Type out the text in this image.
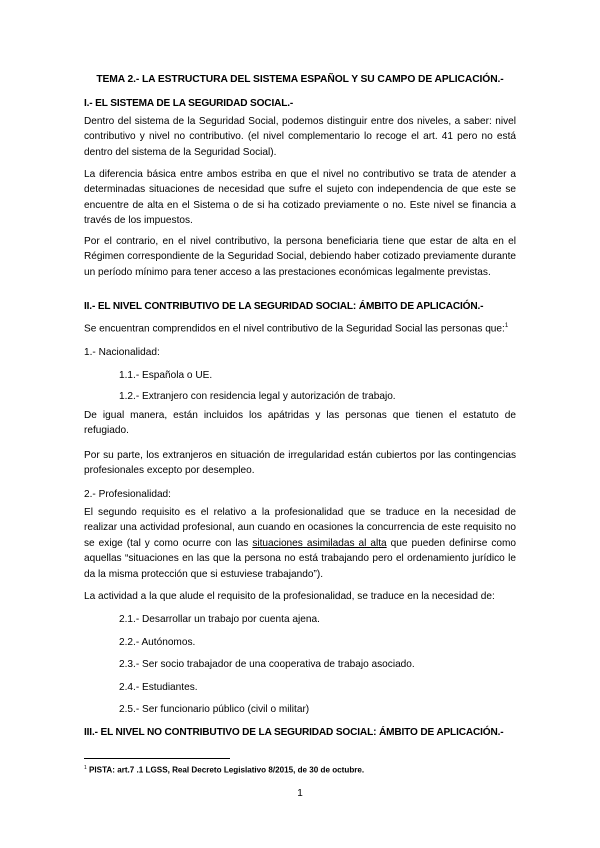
TEMA 2.- LA ESTRUCTURA DEL SISTEMA ESPAÑOL Y SU CAMPO DE APLICACIÓN.-
I.- EL SISTEMA DE LA SEGURIDAD SOCIAL.-

Dentro del sistema de la Seguridad Social, podemos distinguir entre dos niveles, a saber: nivel contributivo y nivel no contributivo. (el nivel complementario lo recoge el art. 41 pero no está dentro del sistema de la Seguridad Social).

La diferencia básica entre ambos estriba en que el nivel no contributivo se trata de atender a determinadas situaciones de necesidad que sufre el sujeto con independencia de que este se encuentre de alta en el Sistema o de si ha cotizado previamente o no. Este nivel se financia a través de los impuestos.

Por el contrario, en el nivel contributivo, la persona beneficiaria tiene que estar de alta en el Régimen correspondiente de la Seguridad Social, debiendo haber cotizado previamente durante un período mínimo para tener acceso a las prestaciones económicas legalmente previstas.

II.- EL NIVEL CONTRIBUTIVO DE LA SEGURIDAD SOCIAL: ÁMBITO DE APLICACIÓN.-
Se encuentran comprendidos en el nivel contributivo de la Seguridad Social las personas que:$^1$
1.- Nacionalidad:
1.1.- Española o UE.
1.2.- Extranjero con residencia legal y autorización de trabajo.

De igual manera, están incluidos los apátridas y las personas que tienen el estatuto de refugiado.

Por su parte, los extranjeros en situación de irregularidad están cubiertos por las contingencias profesionales excepto por desempleo.

2.- Profesionalidad:

El segundo requisito es el relativo a la profesionalidad que se traduce en la necesidad de realizar una actividad profesional, aun cuando en ocasiones la concurrencia de este requisito no se exige (tal y como ocurre con las situaciones asimiladas al alta que pueden definirse como aquellas “situaciones en las que la persona no está trabajando pero el ordenamiento jurídico le da la misma protección que si estuviese trabajando”).

La actividad a la que alude el requisito de la profesionalidad, se traduce en la necesidad de:
2.1.- Desarrollar un trabajo por cuenta ajena.
2.2.- Autónomos.
2.3.- Ser socio trabajador de una cooperativa de trabajo asociado.
2.4.- Estudiantes.
2.5.- Ser funcionario público (civil o militar)
III.- EL NIVEL NO CONTRIBUTIVO DE LA SEGURIDAD SOCIAL: ÁMBITO DE APLICACIÓN.-
$^1$ PISTA: art.7 .1 LGSS, Real Decreto Legislativo 8/2015, de 30 de octubre.
1
